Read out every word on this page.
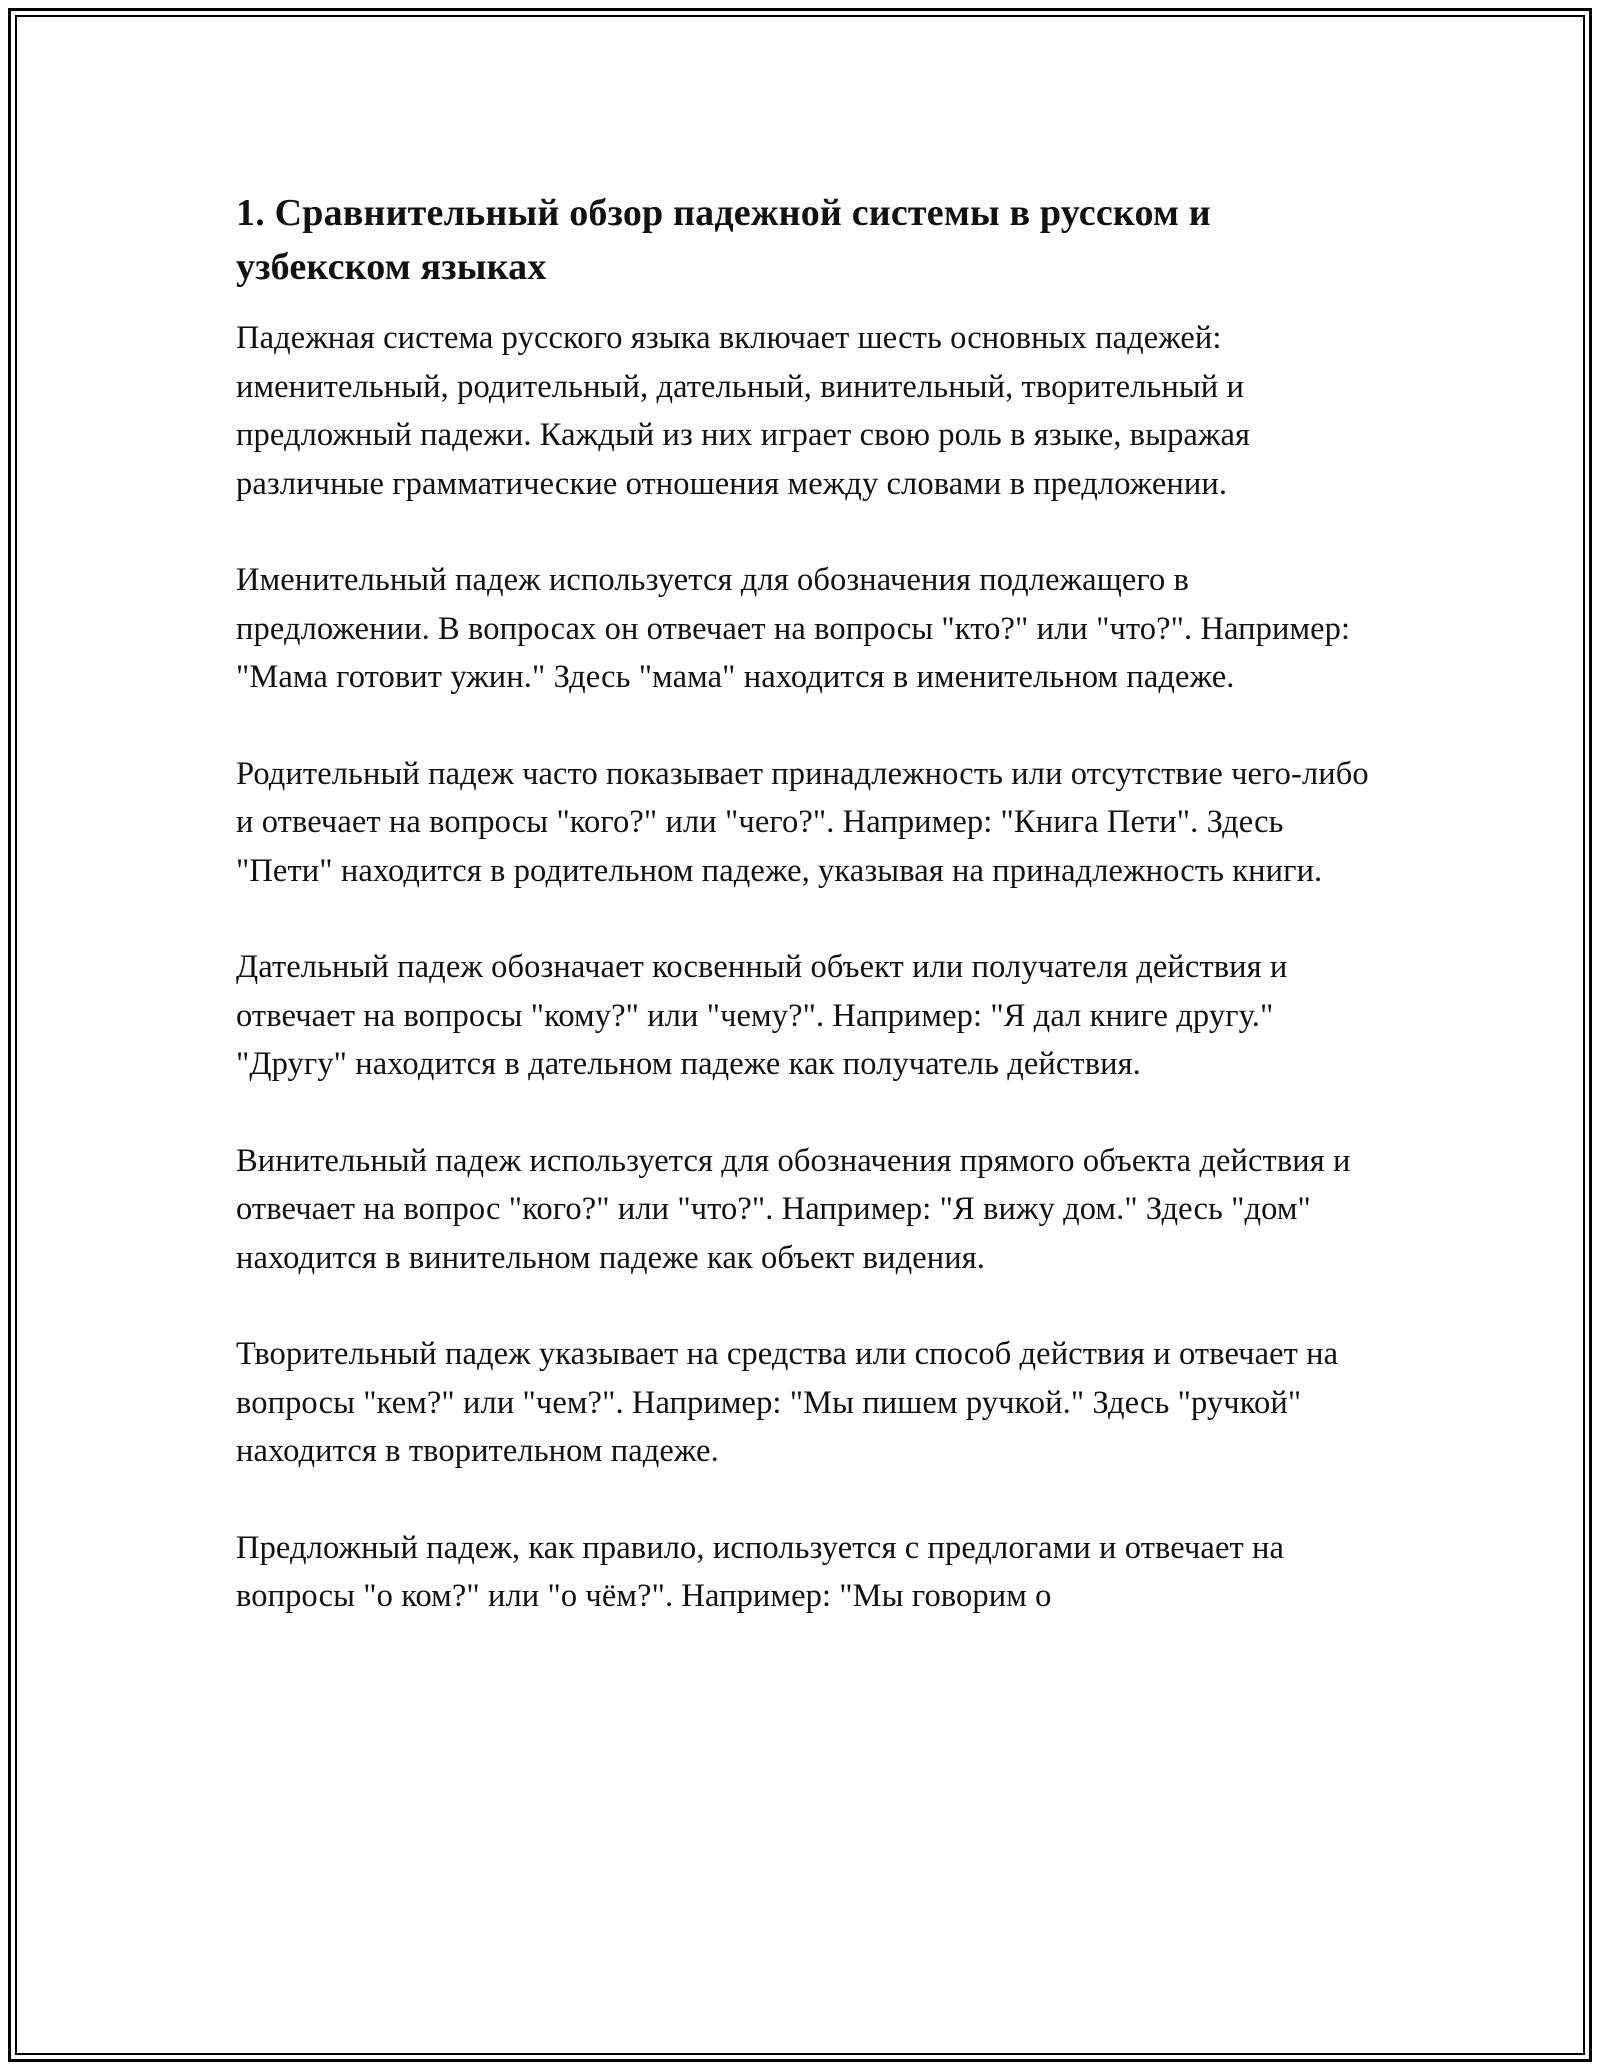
1. Сравнительный обзор падежной системы в русском и узбекском языках

Падежная система русского языка включает шесть основных падежей: именительный, родительный, дательный, винительный, творительный и предложный падежи. Каждый из них играет свою роль в языке, выражая различные грамматические отношения между словами в предложении.

Именительный падеж используется для обозначения подлежащего в предложении. В вопросах он отвечает на вопросы "кто?" или "что?". Например: "Мама готовит ужин." Здесь "мама" находится в именительном падеже.

Родительный падеж часто показывает принадлежность или отсутствие чего-либо и отвечает на вопросы "кого?" или "чего?". Например: "Книга Пети". Здесь "Пети" находится в родительном падеже, указывая на принадлежность книги.

Дательный падеж обозначает косвенный объект или получателя действия и отвечает на вопросы "кому?" или "чему?". Например: "Я дал книге другу." "Другу" находится в дательном падеже как получатель действия.

Винительный падеж используется для обозначения прямого объекта действия и отвечает на вопрос "кого?" или "что?". Например: "Я вижу дом." Здесь "дом" находится в винительном падеже как объект видения.

Творительный падеж указывает на средства или способ действия и отвечает на вопросы "кем?" или "чем?". Например: "Мы пишем ручкой." Здесь "ручкой" находится в творительном падеже.

Предложный падеж, как правило, используется с предлогами и отвечает на вопросы "о ком?" или "о чём?". Например: "Мы говорим о
